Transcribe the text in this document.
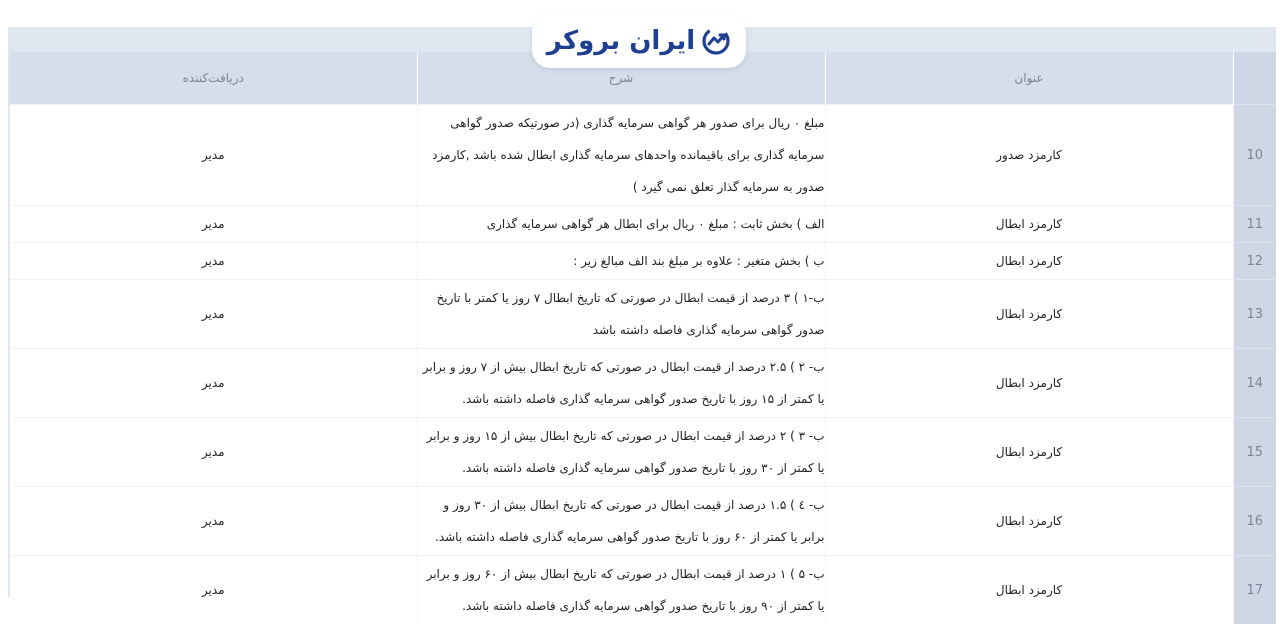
ایران بروکر
دریافت‌کننده	شرح	عنوان	
مدیر	مبلغ ۰ ریال برای صدور هر گواهی سرمایه گذاری (در صورتیکه صدور گواهی سرمایه گذاری برای باقیمانده واحدهای سرمایه گذاری ابطال شده باشد ,کارمزد صدور به سرمایه گذار تعلق نمی گیرد )	کارمزد صدور	10
مدیر	الف ) بخش ثابت : مبلغ ۰ ریال برای ابطال هر گواهی سرمایه گذاری	کارمزد ابطال	11
مدیر	ب ) بخش متغیر : علاوه بر مبلغ بند الف مبالغ زیر :	کارمزد ابطال	12
مدیر	ب-۱ ) ۳ درصد از قیمت ابطال در صورتی که تاریخ ابطال ۷ روز یا کمتر با تاریخ صدور گواهی سرمایه گذاری فاصله داشته باشد	کارمزد ابطال	13
مدیر	ب- ۲ ) ۲.۵ درصد از قیمت ابطال در صورتی که تاریخ ابطال بیش از ۷ روز و برابر یا کمتر از ۱۵ روز با تاریخ صدور گواهی سرمایه گذاری فاصله داشته باشد.	کارمزد ابطال	14
مدیر	ب- ۳ ) ۲ درصد از قیمت ابطال در صورتی که تاریخ ابطال بیش از ۱۵ روز و برابر یا کمتر از ۳۰ روز با تاریخ صدور گواهی سرمایه گذاری فاصله داشته باشد.	کارمزد ابطال	15
مدیر	ب- ٤ ) ۱.۵ درصد از قیمت ابطال در صورتی که تاریخ ابطال بیش از ۳۰ روز و برابر یا کمتر از ۶۰ روز با تاریخ صدور گواهی سرمایه گذاری فاصله داشته باشد.	کارمزد ابطال	16
مدیر	ب- ۵ ) ۱ درصد از قیمت ابطال در صورتی که تاریخ ابطال بیش از ۶۰ روز و برابر یا کمتر از ۹۰ روز با تاریخ صدور گواهی سرمایه گذاری فاصله داشته باشد.	کارمزد ابطال	17
